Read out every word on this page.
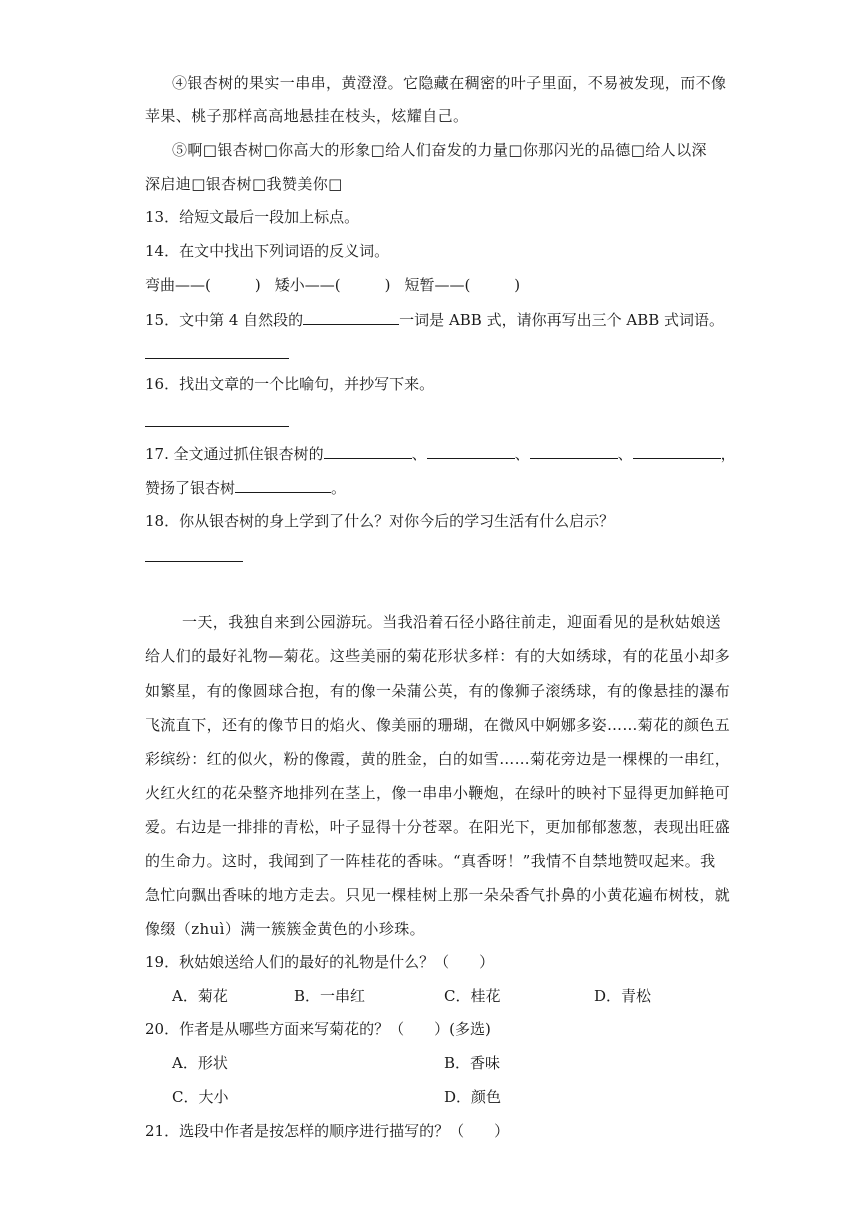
④银杏树的果实一串串，黄澄澄。它隐藏在稠密的叶子里面，不易被发现，而不像
苹果、桃子那样高高地悬挂在枝头，炫耀自己。
⑤啊□银杏树□你高大的形象□给人们奋发的力量□你那闪光的品德□给人以深
深启迪□银杏树□我赞美你□
13．给短文最后一段加上标点。
14．在文中找出下列词语的反义词。
弯曲——(	) 矮小——(	) 短暂——(	)
15．文中第 4 自然段的	一词是 ABB 式，请你再写出三个 ABB 式词语。
16．找出文章的一个比喻句，并抄写下来。
17. 全文通过抓住银杏树的	、	、	、	，
赞扬了银杏树	。
18．你从银杏树的身上学到了什么？对你今后的学习生活有什么启示？
一天，我独自来到公园游玩。当我沿着石径小路往前走，迎面看见的是秋姑娘送
给人们的最好礼物—菊花。这些美丽的菊花形状多样：有的大如绣球，有的花虽小却多
如繁星，有的像圆球合抱，有的像一朵蒲公英，有的像狮子滚绣球，有的像悬挂的瀑布
飞流直下，还有的像节日的焰火、像美丽的珊瑚，在微风中婀娜多姿……菊花的颜色五
彩缤纷：红的似火，粉的像霞，黄的胜金，白的如雪……菊花旁边是一棵棵的一串红，
火红火红的花朵整齐地排列在茎上，像一串串小鞭炮，在绿叶的映衬下显得更加鲜艳可
爱。右边是一排排的青松，叶子显得十分苍翠。在阳光下，更加郁郁葱葱，表现出旺盛
的生命力。这时，我闻到了一阵桂花的香味。“真香呀！”我情不自禁地赞叹起来。我
急忙向飘出香味的地方走去。只见一棵桂树上那一朵朵香气扑鼻的小黄花遍布树枝，就
像缀（zhuì）满一簇簇金黄色的小珍珠。
19．秋姑娘送给人们的最好的礼物是什么？（　　）
A．菊花	B．一串红	C．桂花	D．青松
20．作者是从哪些方面来写菊花的？（　　）(多选)
A．形状	B．香味
C．大小	D．颜色
21．选段中作者是按怎样的顺序进行描写的？（　　）
